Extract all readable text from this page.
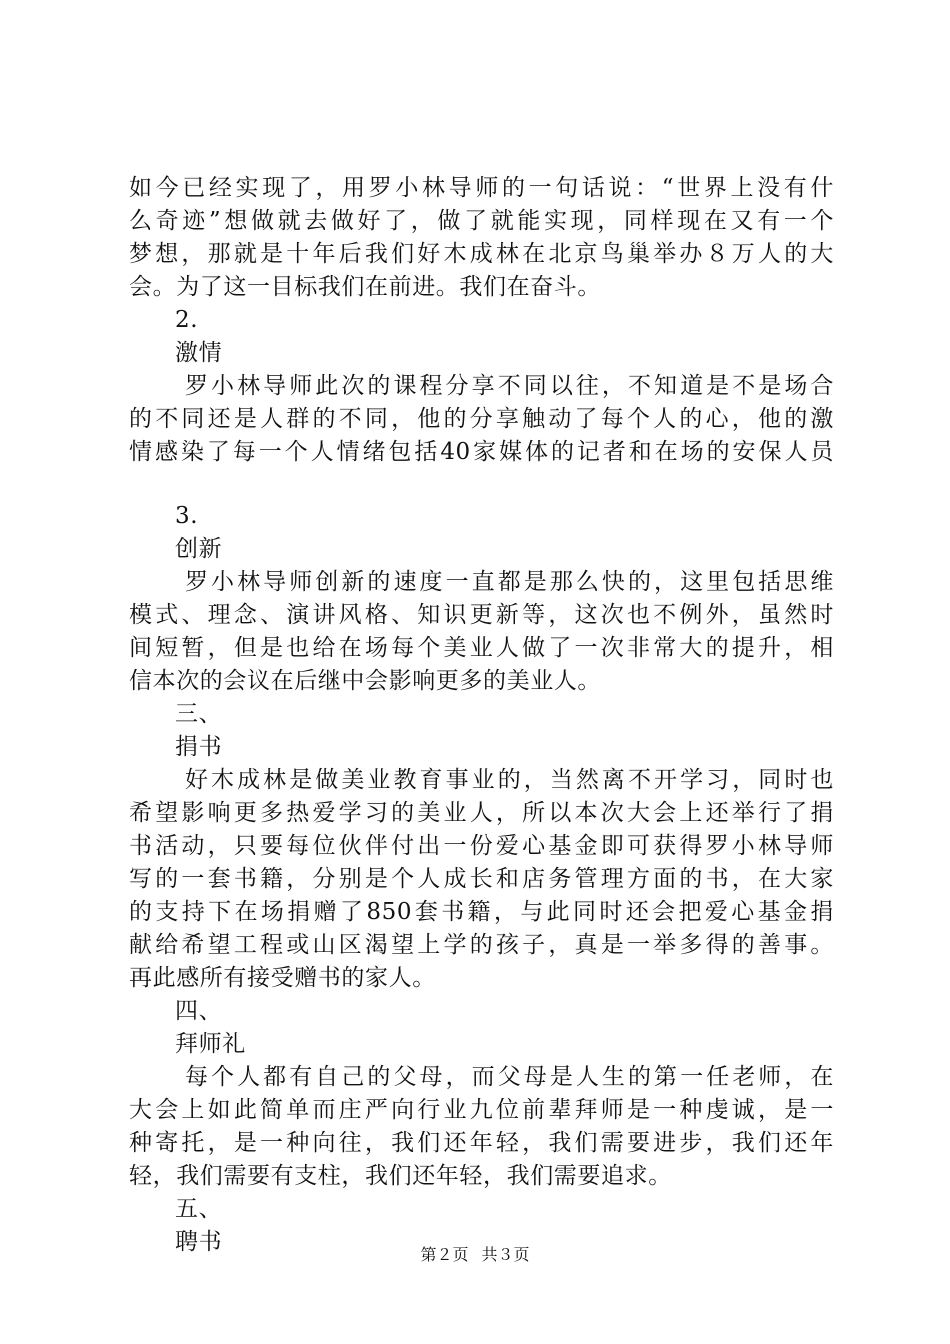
如今已经实现了，用罗小林导师的一句话说：“世界上没有什
么奇迹”想做就去做好了，做了就能实现，同样现在又有一个
梦想，那就是十年后我们好木成林在北京鸟巢举办８万人的大
会。为了这一目标我们在前进。我们在奋斗。
2.
激情
罗小林导师此次的课程分享不同以往，不知道是不是场合
的不同还是人群的不同，他的分享触动了每个人的心，他的激
情感染了每一个人情绪包括40家媒体的记者和在场的安保人员
3.
创新
罗小林导师创新的速度一直都是那么快的，这里包括思维
模式、理念、演讲风格、知识更新等，这次也不例外，虽然时
间短暂，但是也给在场每个美业人做了一次非常大的提升，相
信本次的会议在后继中会影响更多的美业人。
三、
捐书
好木成林是做美业教育事业的，当然离不开学习，同时也
希望影响更多热爱学习的美业人，所以本次大会上还举行了捐
书活动，只要每位伙伴付出一份爱心基金即可获得罗小林导师
写的一套书籍，分别是个人成长和店务管理方面的书，在大家
的支持下在场捐赠了850套书籍，与此同时还会把爱心基金捐
献给希望工程或山区渴望上学的孩子，真是一举多得的善事。
再此感所有接受赠书的家人。
四、
拜师礼
每个人都有自己的父母，而父母是人生的第一任老师，在
大会上如此简单而庄严向行业九位前辈拜师是一种虔诚，是一
种寄托，是一种向往，我们还年轻，我们需要进步，我们还年
轻，我们需要有支柱，我们还年轻，我们需要追求。
五、
聘书	第２页 共３页
